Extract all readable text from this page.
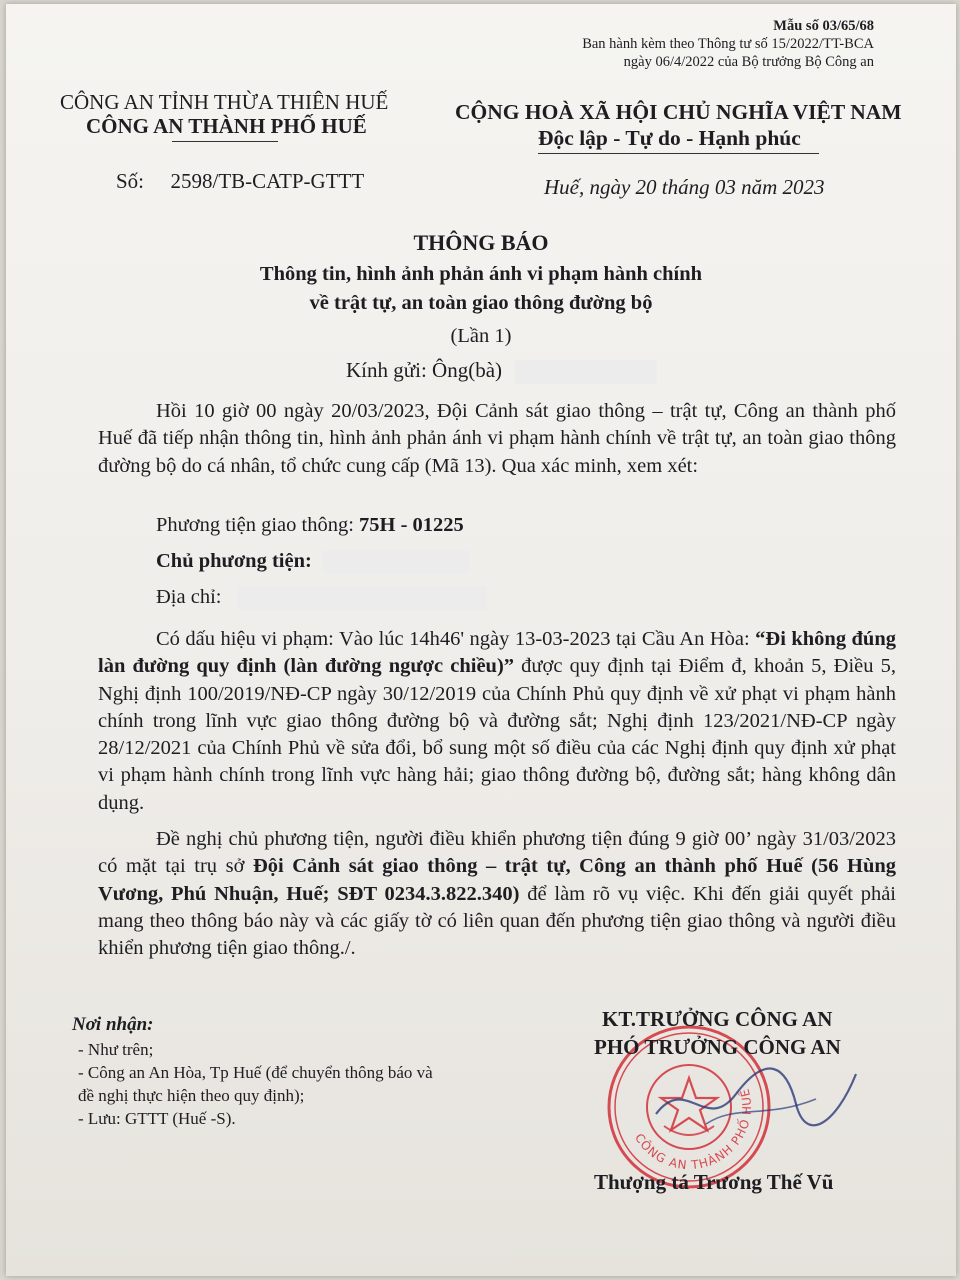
Mẫu số 03/65/68
Ban hành kèm theo Thông tư số 15/2022/TT-BCA
ngày 06/4/2022 của Bộ trưởng Bộ Công an
CÔNG AN TỈNH THỪA THIÊN HUẾ
CÔNG AN THÀNH PHỐ HUẾ
Số: 2598/TB-CATP-GTTT
CỘNG HOÀ XÃ HỘI CHỦ NGHĨA VIỆT NAM
Độc lập - Tự do - Hạnh phúc
Huế, ngày 20 tháng 03 năm 2023
THÔNG BÁO
Thông tin, hình ảnh phản ánh vi phạm hành chính
về trật tự, an toàn giao thông đường bộ
(Lần 1)
Kính gửi: Ông(bà)
Hồi 10 giờ 00 ngày 20/03/2023, Đội Cảnh sát giao thông – trật tự, Công an thành phố Huế đã tiếp nhận thông tin, hình ảnh phản ánh vi phạm hành chính về trật tự, an toàn giao thông đường bộ do cá nhân, tổ chức cung cấp (Mã 13). Qua xác minh, xem xét:
Phương tiện giao thông: 75H - 01225
Chủ phương tiện:
Địa chỉ:
Có dấu hiệu vi phạm: Vào lúc 14h46' ngày 13-03-2023 tại Cầu An Hòa: “Đi không đúng làn đường quy định (làn đường ngược chiều)” được quy định tại Điểm đ, khoản 5, Điều 5, Nghị định 100/2019/NĐ-CP ngày 30/12/2019 của Chính Phủ quy định về xử phạt vi phạm hành chính trong lĩnh vực giao thông đường bộ và đường sắt; Nghị định 123/2021/NĐ-CP ngày 28/12/2021 của Chính Phủ về sửa đổi, bổ sung một số điều của các Nghị định quy định xử phạt vi phạm hành chính trong lĩnh vực hàng hải; giao thông đường bộ, đường sắt; hàng không dân dụng.
Đề nghị chủ phương tiện, người điều khiển phương tiện đúng 9 giờ 00’ ngày 31/03/2023 có mặt tại trụ sở Đội Cảnh sát giao thông – trật tự, Công an thành phố Huế (56 Hùng Vương, Phú Nhuận, Huế; SĐT 0234.3.822.340) để làm rõ vụ việc. Khi đến giải quyết phải mang theo thông báo này và các giấy tờ có liên quan đến phương tiện giao thông và người điều khiển phương tiện giao thông./.
Nơi nhận:
- Như trên;
- Công an An Hòa, Tp Huế (để chuyển thông báo và
đề nghị thực hiện theo quy định);
- Lưu: GTTT (Huế -S).
CÔNG AN THÀNH PHỐ HUẾ
KT.TRƯỞNG CÔNG AN
PHÓ TRƯỞNG CÔNG AN
Thượng tá Trương Thế Vũ
